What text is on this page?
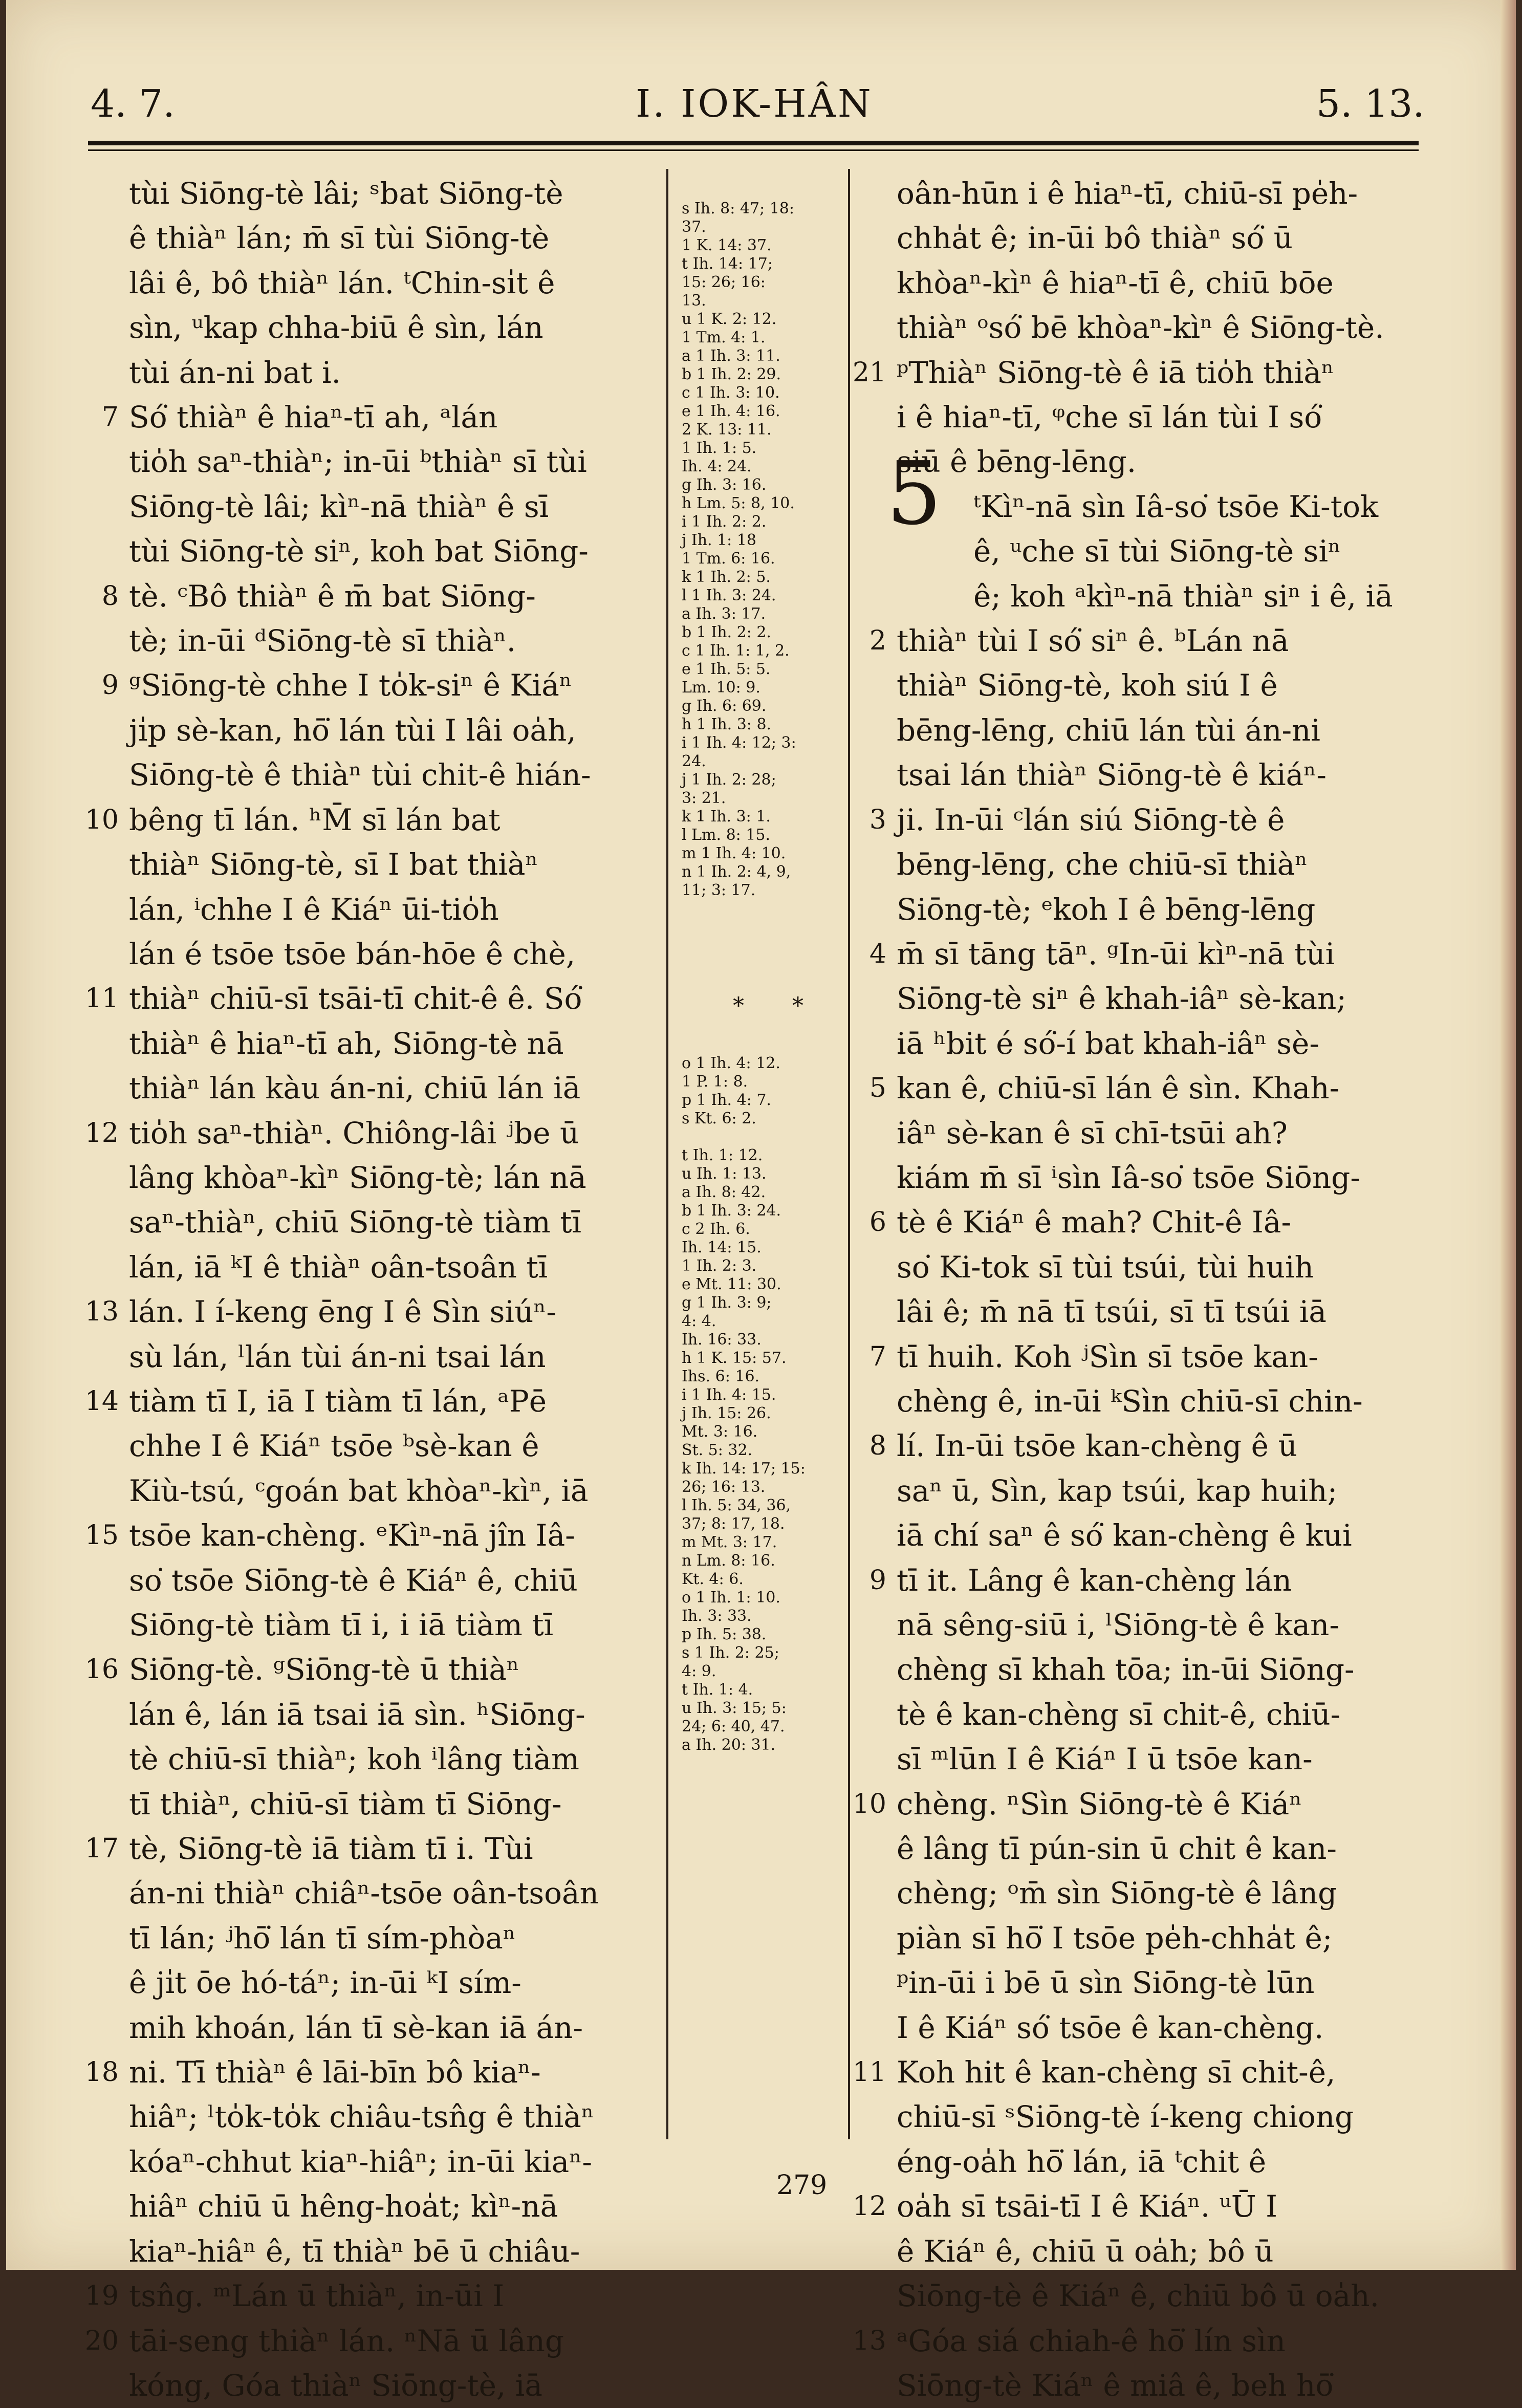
4. 7.	I. IOK-HÂN	5. 13.
tùi Siōng-tè lâi; ˢbat Siōng-tè
ê thiàⁿ lán; m̄ sī tùi Siōng-tè
lâi ê, bô thiàⁿ lán. ᵗChin-si̍t ê
sìn, ᵘkap chha-biū ê sìn, lán
tùi án-ni bat i.
7 Só͘ thiàⁿ ê hiaⁿ-tī ah, ᵃlán
tio̍h saⁿ-thiàⁿ; in-ūi ᵇthiàⁿ sī tùi
Siōng-tè lâi; kìⁿ-nā thiàⁿ ê sī
tùi Siōng-tè siⁿ, koh bat Siōng-
8 tè. ᶜBô thiàⁿ ê m̄ bat Siōng-
tè; in-ūi ᵈSiōng-tè sī thiàⁿ.
9 ᵍSiōng-tè chhe I to̍k-siⁿ ê Kiáⁿ
ji̍p sè-kan, hō͘ lán tùi I lâi oa̍h,
Siōng-tè ê thiàⁿ tùi chit-ê hián-
10 bêng tī lán. ʰM̄ sī lán bat
thiàⁿ Siōng-tè, sī I bat thiàⁿ
lán, ⁱchhe I ê Kiáⁿ ūi-tio̍h
lán é tsōe tsōe bán-hōe ê chè,
11 thiàⁿ chiū-sī tsāi-tī chit-ê ê. Só͘
thiàⁿ ê hiaⁿ-tī ah, Siōng-tè nā
thiàⁿ lán kàu án-ni, chiū lán iā
12 tio̍h saⁿ-thiàⁿ. Chiông-lâi ʲbe ū
lâng khòaⁿ-kìⁿ Siōng-tè; lán nā
saⁿ-thiàⁿ, chiū Siōng-tè tiàm tī
lán, iā ᵏI ê thiàⁿ oân-tsoân tī
13 lán. I í-keng ēng I ê Sìn siúⁿ-
sù lán, ˡlán tùi án-ni tsai lán
14 tiàm tī I, iā I tiàm tī lán, ᵃPē
chhe I ê Kiáⁿ tsōe ᵇsè-kan ê
Kiù-tsú, ᶜgoán bat khòaⁿ-kìⁿ, iā
15 tsōe kan-chèng. ᵉKìⁿ-nā jîn Iâ-
so͘ tsōe Siōng-tè ê Kiáⁿ ê, chiū
Siōng-tè tiàm tī i, i iā tiàm tī
16 Siōng-tè. ᵍSiōng-tè ū thiàⁿ
lán ê, lán iā tsai iā sìn. ʰSiōng-
tè chiū-sī thiàⁿ; koh ⁱlâng tiàm
tī thiàⁿ, chiū-sī tiàm tī Siōng-
17 tè, Siōng-tè iā tiàm tī i. Tùi
án-ni thiàⁿ chiâⁿ-tsōe oân-tsoân
tī lán; ʲhō͘ lán tī sím-phòaⁿ
ê ji̍t ōe hó-táⁿ; in-ūi ᵏI sím-
mih khoán, lán tī sè-kan iā án-
18 ni. Tī thiàⁿ ê lāi-bīn bô kiaⁿ-
hiâⁿ; ˡto̍k-to̍k chiâu-tsn̂g ê thiàⁿ
kóaⁿ-chhut kiaⁿ-hiâⁿ; in-ūi kiaⁿ-
hiâⁿ chiū ū hêng-hoa̍t; kìⁿ-nā
kiaⁿ-hiâⁿ ê, tī thiàⁿ bē ū chiâu-
19 tsn̂g. ᵐLán ū thiàⁿ, in-ūi I
20 tāi-seng thiàⁿ lán. ⁿNā ū lâng
kóng, Góa thiàⁿ Siōng-tè, iā
s Ih. 8: 47; 18:
37.
1 K. 14: 37.
t Ih. 14: 17;
15: 26; 16:
13.
u 1 K. 2: 12.
1 Tm. 4: 1.
a 1 Ih. 3: 11.
b 1 Ih. 2: 29.
c 1 Ih. 3: 10.
e 1 Ih. 4: 16.
2 K. 13: 11.
1 Ih. 1: 5.
Ih. 4: 24.
g Ih. 3: 16.
h Lm. 5: 8, 10.
i 1 Ih. 2: 2.
j Ih. 1: 18
1 Tm. 6: 16.
k 1 Ih. 2: 5.
l 1 Ih. 3: 24.
a Ih. 3: 17.
b 1 Ih. 2: 2.
c 1 Ih. 1: 1, 2.
e 1 Ih. 5: 5.
Lm. 10: 9.
g Ih. 6: 69.
h 1 Ih. 3: 8.
i 1 Ih. 4: 12; 3:
24.
j 1 Ih. 2: 28;
3: 21.
k 1 Ih. 3: 1.
l Lm. 8: 15.
m 1 Ih. 4: 10.
n 1 Ih. 2: 4, 9,
11; 3: 17.
* *
o 1 Ih. 4: 12.
1 P. 1: 8.
p 1 Ih. 4: 7.
s Kt. 6: 2.
t Ih. 1: 12.
u Ih. 1: 13.
a Ih. 8: 42.
b 1 Ih. 3: 24.
c 2 Ih. 6.
Ih. 14: 15.
1 Ih. 2: 3.
e Mt. 11: 30.
g 1 Ih. 3: 9;
4: 4.
Ih. 16: 33.
h 1 K. 15: 57.
Ihs. 6: 16.
i 1 Ih. 4: 15.
j Ih. 15: 26.
Mt. 3: 16.
St. 5: 32.
k Ih. 14: 17; 15:
26; 16: 13.
l Ih. 5: 34, 36,
37; 8: 17, 18.
m Mt. 3: 17.
n Lm. 8: 16.
Kt. 4: 6.
o 1 Ih. 1: 10.
Ih. 3: 33.
p Ih. 5: 38.
s 1 Ih. 2: 25;
4: 9.
t Ih. 1: 4.
u Ih. 3: 15; 5:
24; 6: 40, 47.
a Ih. 20: 31.
5
oân-hūn i ê hiaⁿ-tī, chiū-sī pe̍h-
chha̍t ê; in-ūi bô thiàⁿ só͘ ū
khòaⁿ-kìⁿ ê hiaⁿ-tī ê, chiū bōe
thiàⁿ ᵒsó͘ bē khòaⁿ-kìⁿ ê Siōng-tè.
21 ᵖThiàⁿ Siōng-tè ê iā tio̍h thiàⁿ
i ê hiaⁿ-tī, ᵠche sī lán tùi I só͘
siū ê bēng-lēng.
ᵗKìⁿ-nā sìn Iâ-so͘ tsōe Ki-tok
ê, ᵘche sī tùi Siōng-tè siⁿ
ê; koh ᵃkìⁿ-nā thiàⁿ siⁿ i ê, iā
2 thiàⁿ tùi I só͘ siⁿ ê. ᵇLán nā
thiàⁿ Siōng-tè, koh siú I ê
bēng-lēng, chiū lán tùi án-ni
tsai lán thiàⁿ Siōng-tè ê kiáⁿ-
3 ji. In-ūi ᶜlán siú Siōng-tè ê
bēng-lēng, che chiū-sī thiàⁿ
Siōng-tè; ᵉkoh I ê bēng-lēng
4 m̄ sī tāng tāⁿ. ᵍIn-ūi kìⁿ-nā tùi
Siōng-tè siⁿ ê khah-iâⁿ sè-kan;
iā ʰbit é só͘-í bat khah-iâⁿ sè-
5 kan ê, chiū-sī lán ê sìn. Khah-
iâⁿ sè-kan ê sī chī-tsūi ah?
kiám m̄ sī ⁱsìn Iâ-so͘ tsōe Siōng-
6 tè ê Kiáⁿ ê mah? Chit-ê Iâ-
so͘ Ki-tok sī tùi tsúi, tùi huih
lâi ê; m̄ nā tī tsúi, sī tī tsúi iā
7 tī huih. Koh ʲSìn sī tsōe kan-
chèng ê, in-ūi ᵏSìn chiū-sī chin-
8 lí. In-ūi tsōe kan-chèng ê ū
saⁿ ū, Sìn, kap tsúi, kap huih;
iā chí saⁿ ê só͘ kan-chèng ê kui
9 tī it. Lâng ê kan-chèng lán
nā sêng-siū i, ˡSiōng-tè ê kan-
chèng sī khah tōa; in-ūi Siōng-
tè ê kan-chèng sī chit-ê, chiū-
sī ᵐlūn I ê Kiáⁿ I ū tsōe kan-
10 chèng. ⁿSìn Siōng-tè ê Kiáⁿ
ê lâng tī pún-sin ū chit ê kan-
chèng; ᵒm̄ sìn Siōng-tè ê lâng
piàn sī hō͘ I tsōe pe̍h-chha̍t ê;
ᵖin-ūi i bē ū sìn Siōng-tè lūn
I ê Kiáⁿ só͘ tsōe ê kan-chèng.
11 Koh hit ê kan-chèng sī chit-ê,
chiū-sī ˢSiōng-tè í-keng chiong
éng-oa̍h hō͘ lán, iā ᵗchit ê
12 oa̍h sī tsāi-tī I ê Kiáⁿ. ᵘŪ I
ê Kiáⁿ ê, chiū ū oa̍h; bô ū
Siōng-tè ê Kiáⁿ ê, chiū bô ū oa̍h.
13 ᵃGóa siá chiah-ê hō͘ lín sìn
Siōng-tè Kiáⁿ ê miâ ê, beh hō͘
279
